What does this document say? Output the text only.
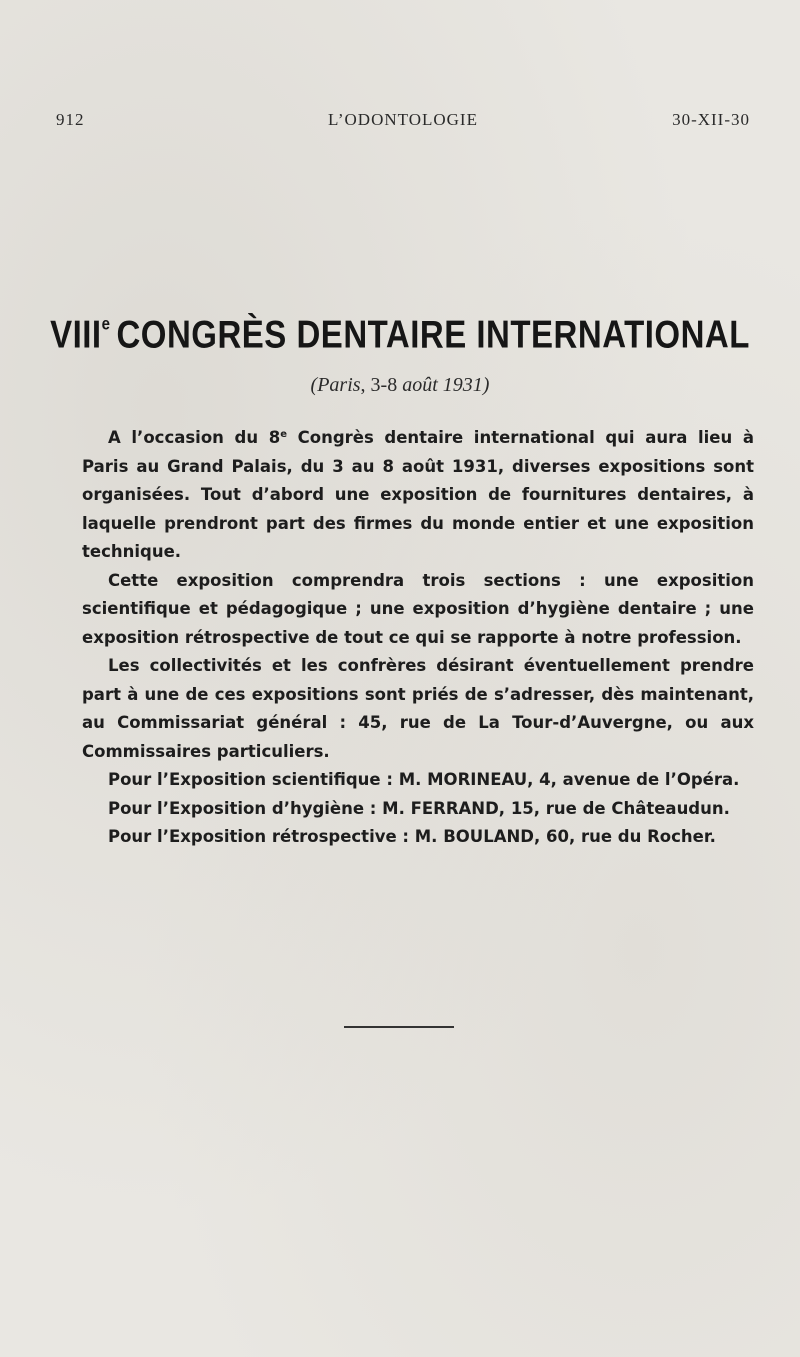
912	L’ODONTOLOGIE	30-XII-30
VIIIe CONGRÈS DENTAIRE INTERNATIONAL
(Paris, 3-8 août 1931)

A l’occasion du 8e Congrès dentaire international qui aura lieu à Paris au Grand Palais, du 3 au 8 août 1931, diverses expositions sont organisées. Tout d’abord une exposition de fournitures dentaires, à laquelle prendront part des firmes du monde entier et une exposition technique.

Cette exposition comprendra trois sections : une exposition scientifique et pédagogique ; une exposition d’hygiène dentaire ; une exposition rétrospective de tout ce qui se rapporte à notre profession.

Les collectivités et les confrères désirant éventuellement prendre part à une de ces expositions sont priés de s’adresser, dès maintenant, au Commissariat général : 45, rue de La Tour-d’Auvergne, ou aux Commissaires particuliers.

Pour l’Exposition scientifique : M. MORINEAU, 4, avenue de l’Opéra.

Pour l’Exposition d’hygiène : M. FERRAND, 15, rue de Châteaudun.

Pour l’Exposition rétrospective : M. BOULAND, 60, rue du Rocher.
